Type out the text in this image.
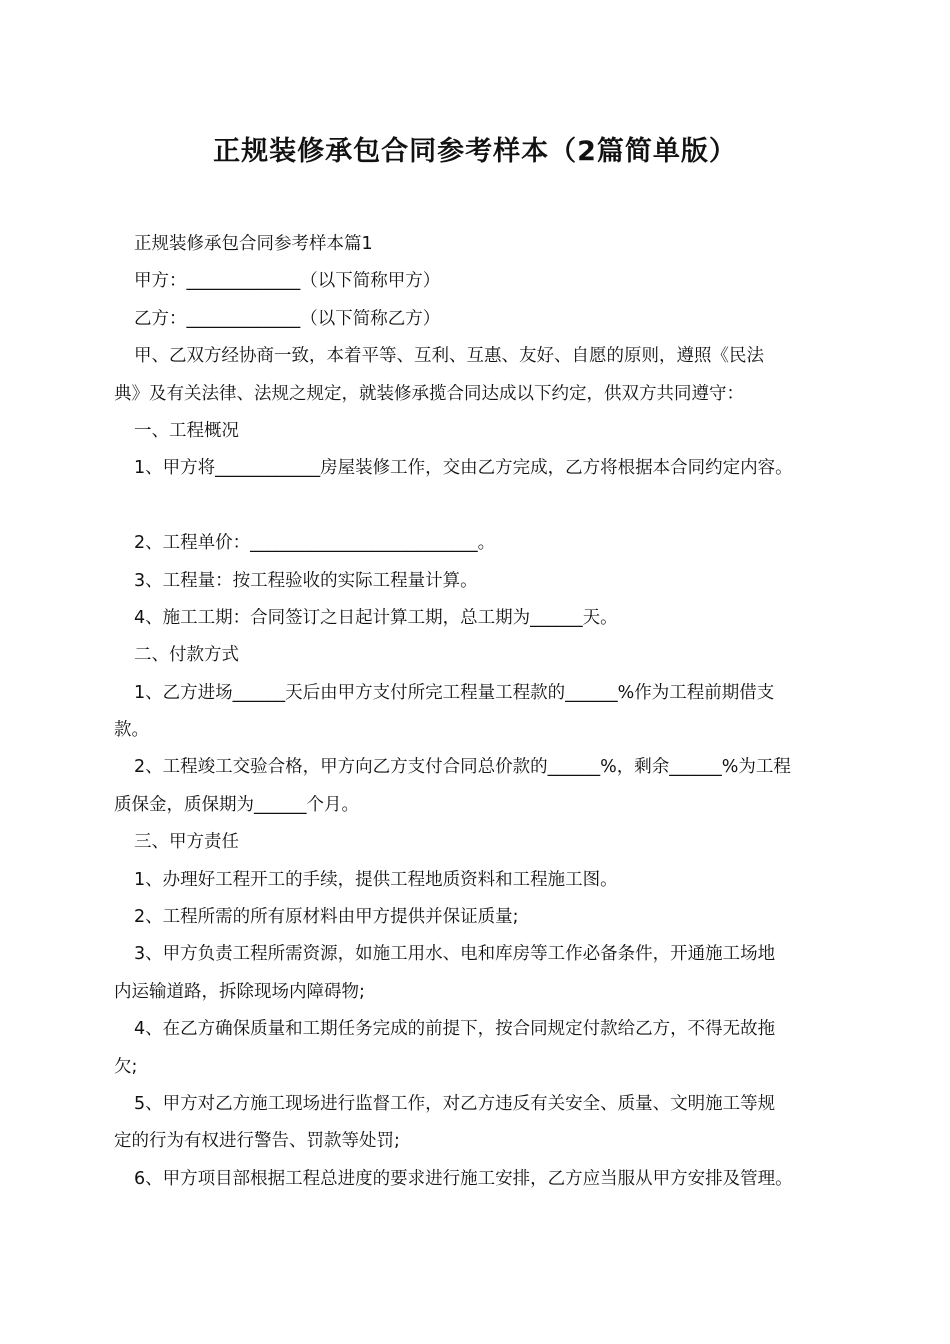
正规装修承包合同参考样本（2篇简单版）
正规装修承包合同参考样本篇1
甲方：_____________（以下简称甲方）
乙方：_____________（以下简称乙方）
甲、乙双方经协商一致，本着平等、互利、互惠、友好、自愿的原则，遵照《民法
典》及有关法律、法规之规定，就装修承揽合同达成以下约定，供双方共同遵守：
一、工程概况
1、甲方将____________房屋装修工作，交由乙方完成，乙方将根据本合同约定内容。
2、工程单价：__________________________。
3、工程量：按工程验收的实际工程量计算。
4、施工工期：合同签订之日起计算工期，总工期为______天。
二、付款方式
1、乙方进场______天后由甲方支付所完工程量工程款的______%作为工程前期借支
款。
2、工程竣工交验合格，甲方向乙方支付合同总价款的______%，剩余______%为工程
质保金，质保期为______个月。
三、甲方责任
1、办理好工程开工的手续，提供工程地质资料和工程施工图。
2、工程所需的所有原材料由甲方提供并保证质量;
3、甲方负责工程所需资源，如施工用水、电和库房等工作必备条件，开通施工场地
内运输道路，拆除现场内障碍物;
4、在乙方确保质量和工期任务完成的前提下，按合同规定付款给乙方，不得无故拖
欠;
5、甲方对乙方施工现场进行监督工作，对乙方违反有关安全、质量、文明施工等规
定的行为有权进行警告、罚款等处罚;
6、甲方项目部根据工程总进度的要求进行施工安排，乙方应当服从甲方安排及管理。
